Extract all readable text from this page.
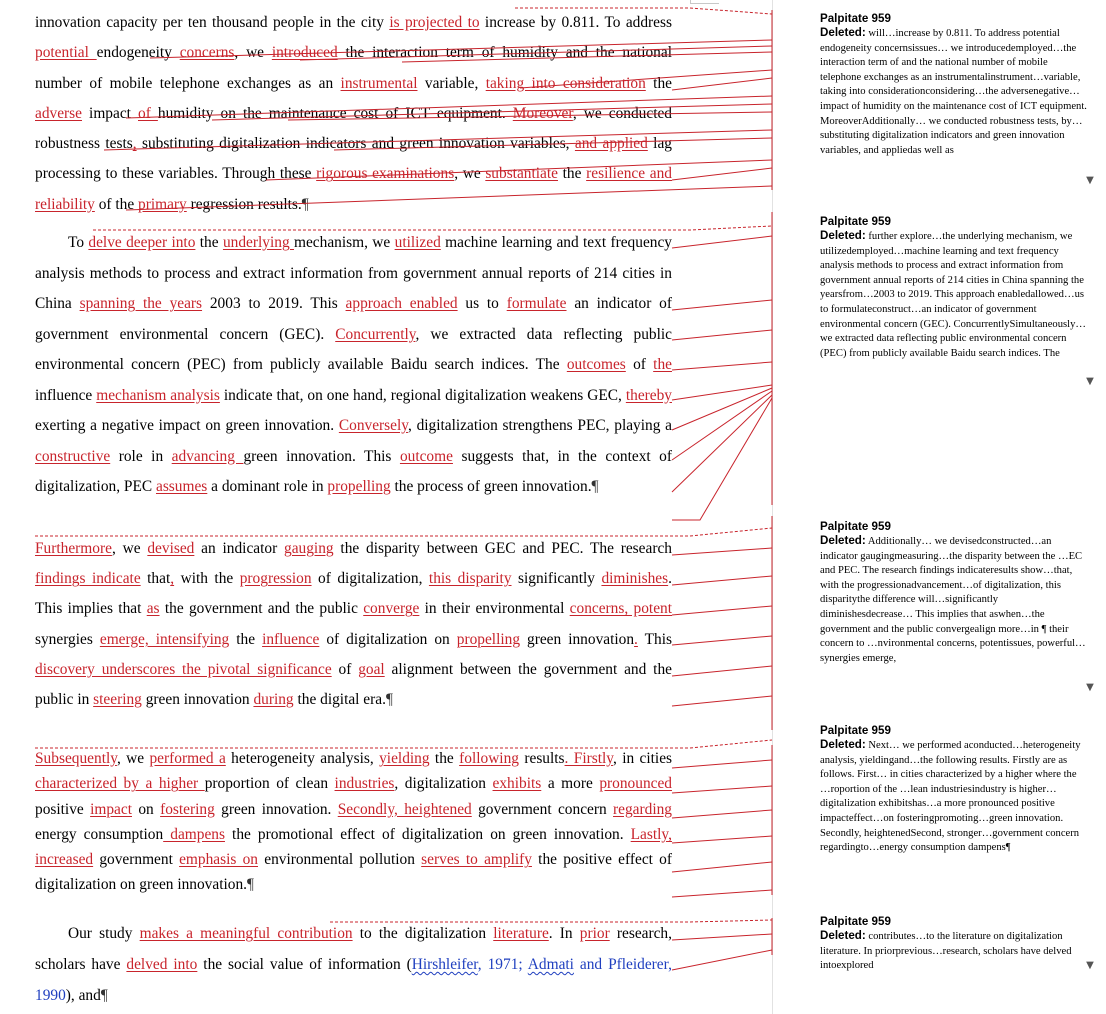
innovation capacity per ten thousand people in the city is projected to increase by 0.811. To address potential endogeneity concerns, we introduced the interaction term of humidity and the national number of mobile telephone exchanges as an instrumental variable, taking into consideration the adverse impact of humidity on the maintenance cost of ICT equipment. Moreover, we conducted robustness tests, substituting digitalization indicators and green innovation variables, and applied lag processing to these variables. Through these rigorous examinations, we substantiate the resilience and reliability of the primary regression results.¶

To delve deeper into the underlying mechanism, we utilized machine learning and text frequency analysis methods to process and extract information from government annual reports of 214 cities in China spanning the years 2003 to 2019. This approach enabled us to formulate an indicator of government environmental concern (GEC). Concurrently, we extracted data reflecting public environmental concern (PEC) from publicly available Baidu search indices. The outcomes of the influence mechanism analysis indicate that, on one hand, regional digitalization weakens GEC, thereby exerting a negative impact on green innovation. Conversely, digitalization strengthens PEC, playing a constructive role in advancing green innovation. This outcome suggests that, in the context of digitalization, PEC assumes a dominant role in propelling the process of green innovation.¶

Furthermore, we devised an indicator gauging the disparity between GEC and PEC. The research findings indicate that, with the progression of digitalization, this disparity significantly diminishes. This implies that as the government and the public converge in their environmental concerns, potent synergies emerge, intensifying the influence of digitalization on propelling green innovation. This discovery underscores the pivotal significance of goal alignment between the government and the public in steering green innovation during the digital era.¶

Subsequently, we performed a heterogeneity analysis, yielding the following results. Firstly, in cities characterized by a higher proportion of clean industries, digitalization exhibits a more pronounced positive impact on fostering green innovation. Secondly, heightened government concern regarding energy consumption dampens the promotional effect of digitalization on green innovation. Lastly, increased government emphasis on environmental pollution serves to amplify the positive effect of digitalization on green innovation.¶

Our study makes a meaningful contribution to the digitalization literature. In prior research, scholars have delved into the social value of information (Hirshleifer, 1971; Admati and Pfleiderer, 1990), and¶

Palpitate 959
Deleted: will…increase by 0.811. To address potential endogeneity concernsissues… we introducedemployed…the interaction term of and the national number of mobile telephone exchanges as an instrumentalinstrument…variable, taking into considerationconsidering…the adversenegative…impact of humidity on the maintenance cost of ICT equipment. MoreoverAdditionally… we conducted robustness tests, by…substituting digitalization indicators and green innovation variables, and appliedas well as
▼
Palpitate 959
Deleted: further explore…the underlying mechanism, we utilizedemployed…machine learning and text frequency analysis methods to process and extract information from government annual reports of 214 cities in China spanning the yearsfrom…2003 to 2019. This approach enabledallowed…us to formulateconstruct…an indicator of government environmental concern (GEC). ConcurrentlySimultaneously… we extracted data reflecting public environmental concern (PEC) from publicly available Baidu search indices. The
▼
Palpitate 959
Deleted: Additionally… we devisedconstructed…an indicator gaugingmeasuring…the disparity between the …EC and PEC. The research findings indicateresults show…that, with the progressionadvancement…of digitalization, this disparitythe difference will…significantly diminishesdecrease… This implies that aswhen…the government and the public convergealign more…in ¶ their concern to …nvironmental concerns, potentissues, powerful…synergies emerge,
▼
Palpitate 959
Deleted: Next… we performed aconducted…heterogeneity analysis, yieldingand…the following results. Firstly are as follows. First… in cities characterized by a higher where the …roportion of the …lean industriesindustry is higher… digitalization exhibitshas…a more pronounced positive impacteffect…on fosteringpromoting…green innovation. Secondly, heightenedSecond, stronger…government concern regardingto…energy consumption dampens¶
Palpitate 959
Deleted: contributes…to the literature on digitalization literature. In priorprevious…research, scholars have delved intoexplored	▼
